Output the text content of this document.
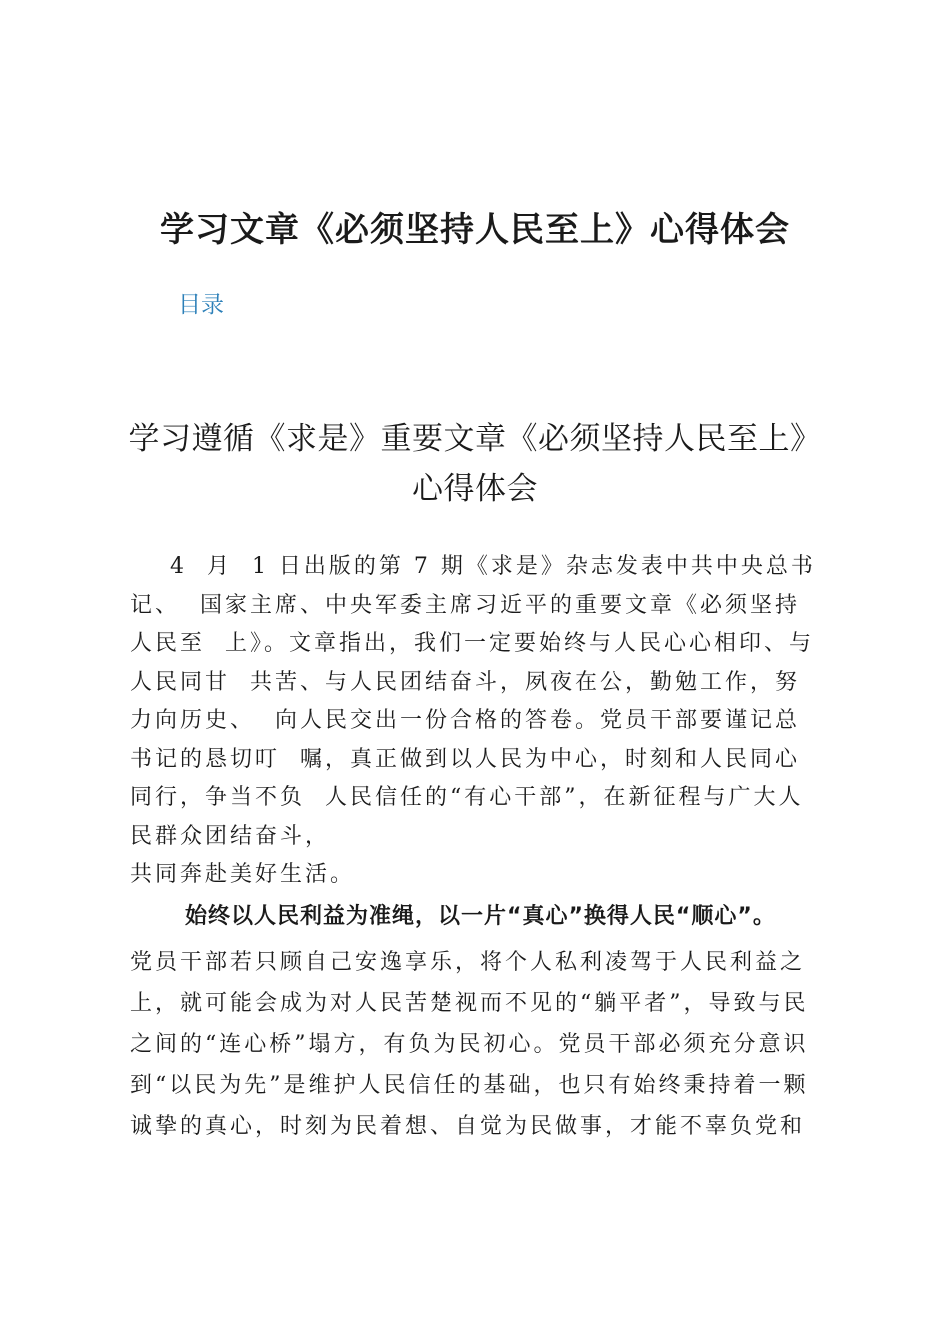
学习文章《必须坚持人民至上》心得体会
目录
学习遵循《求是》重要文章《必须坚持人民至上》
心得体会

4  月  1 日出版的第 7 期《求是》杂志发表中共中央总书
记、  国家主席、中央军委主席习近平的重要文章《必须坚持
人民至  上》。文章指出，我们一定要始终与人民心心相印、与
人民同甘  共苦、与人民团结奋斗，夙夜在公，勤勉工作，努
力向历史、  向人民交出一份合格的答卷。党员干部要谨记总
书记的恳切叮  嘱，真正做到以人民为中心，时刻和人民同心
同行，争当不负  人民信任的“有心干部”，在新征程与广大人
民群众团结奋斗，
共同奔赴美好生活。

始终以人民利益为准绳，以一片“真心”换得人民“顺心”。

党员干部若只顾自己安逸享乐，将个人私利凌驾于人民利益之
上，就可能会成为对人民苦楚视而不见的“躺平者”，导致与民
之间的“连心桥”塌方，有负为民初心。党员干部必须充分意识
到“以民为先”是维护人民信任的基础，也只有始终秉持着一颗
诚挚的真心，时刻为民着想、自觉为民做事，才能不辜负党和
